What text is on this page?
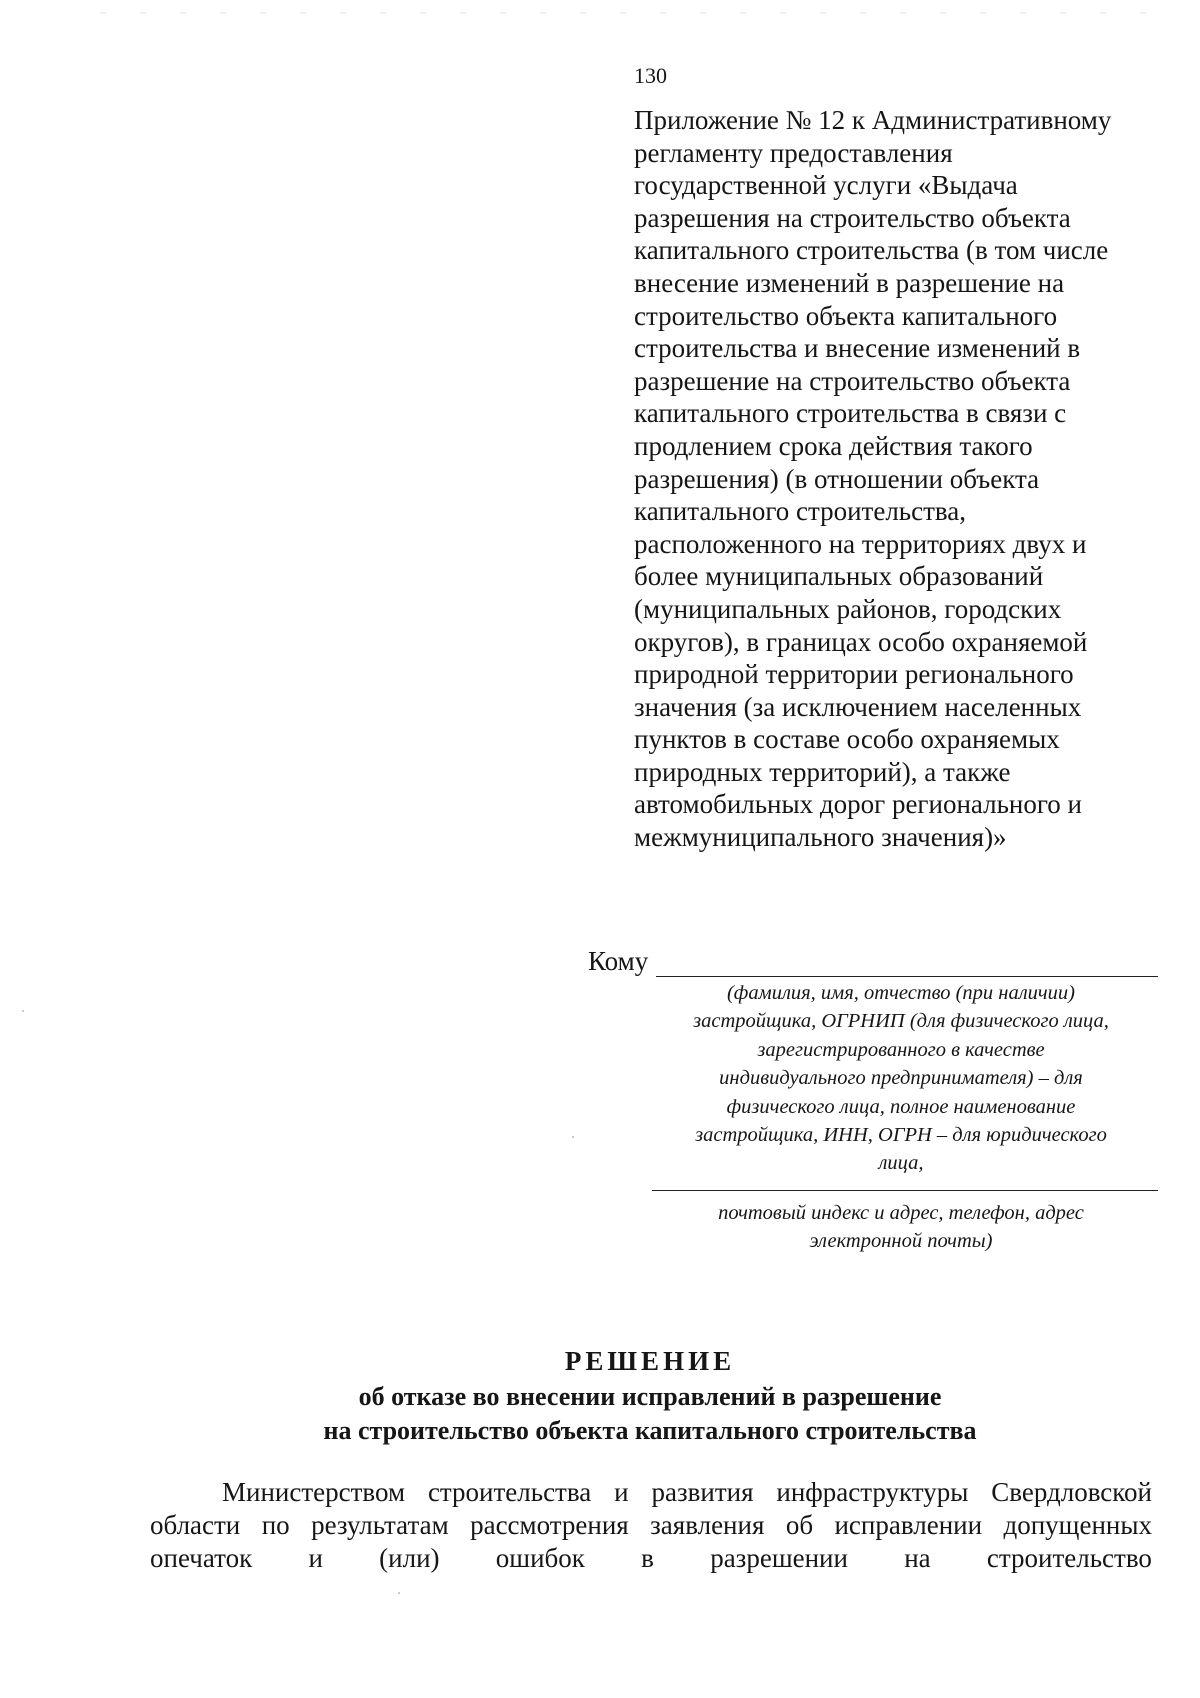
130
Приложение № 12 к Административному
регламенту предоставления
государственной услуги «Выдача
разрешения на строительство объекта
капитального строительства (в том числе
внесение изменений в разрешение на
строительство объекта капитального
строительства и внесение изменений в
разрешение на строительство объекта
капитального строительства в связи с
продлением срока действия такого
разрешения) (в отношении объекта
капитального строительства,
расположенного на территориях двух и
более муниципальных образований
(муниципальных районов, городских
округов), в границах особо охраняемой
природной территории регионального
значения (за исключением населенных
пунктов в составе особо охраняемых
природных территорий), а также
автомобильных дорог регионального и
межмуниципального значения)»
Кому
(фамилия, имя, отчество (при наличии)
застройщика, ОГРНИП (для физического лица,
зарегистрированного в качестве
индивидуального предпринимателя) – для
физического лица, полное наименование
застройщика, ИНН, ОГРН – для юридического
лица,
почтовый индекс и адрес, телефон, адрес
электронной почты)
РЕШЕНИЕ
об отказе во внесении исправлений в разрешение
на строительство объекта капитального строительства
Министерством строительства и развития инфраструктуры Свердловской
области по результатам рассмотрения заявления об исправлении допущенных
опечаток и (или) ошибок в разрешении на строительство
